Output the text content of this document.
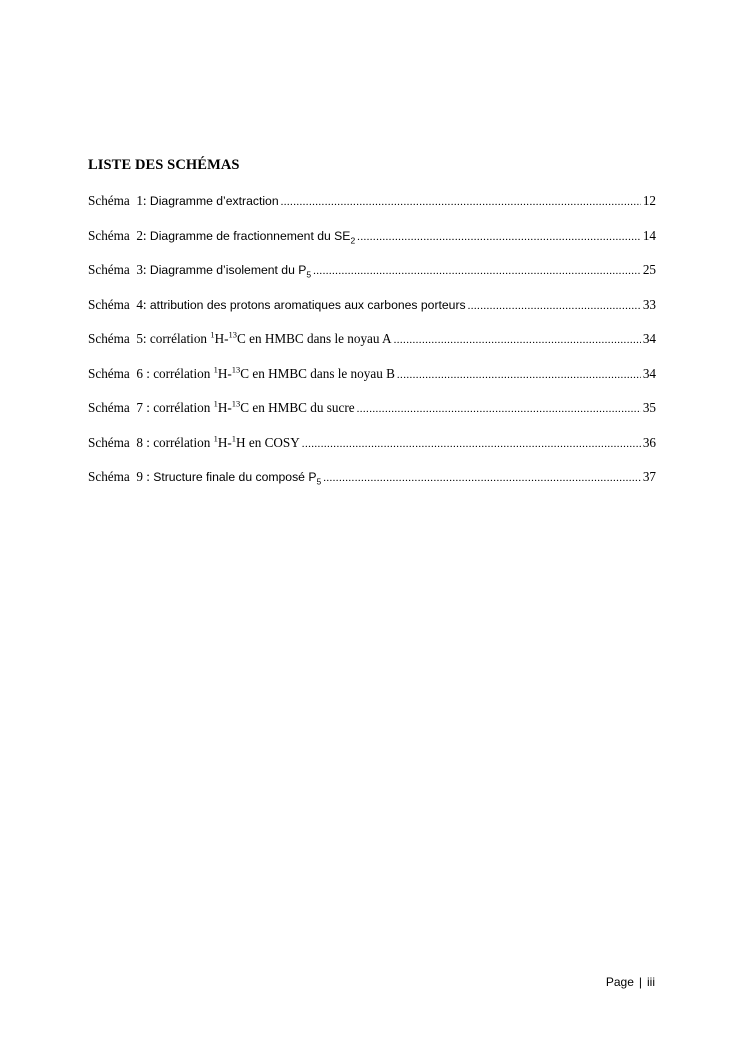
LISTE DES SCHÉMAS
Schéma  1: Diagramme d’extraction .....	12
Schéma  2: Diagramme de fractionnement du $SE_2$ .....	14
Schéma  3: Diagramme d’isolement du $P_5$ .....	25
Schéma  4: attribution des protons aromatiques aux carbones porteurs .....	33
Schéma  5: corrélation $^1$H-$^{13}$C en HMBC dans le noyau A .....	34
Schéma  6 : corrélation $^1$H-$^{13}$C en HMBC dans le noyau B .....	34
Schéma  7 : corrélation $^1$H-$^{13}$C en HMBC du sucre .....	35
Schéma  8 : corrélation $^1$H-$^1$H en COSY .....	36
Schéma  9 : Structure finale du composé $P_5$ .....	37
Page | iii
